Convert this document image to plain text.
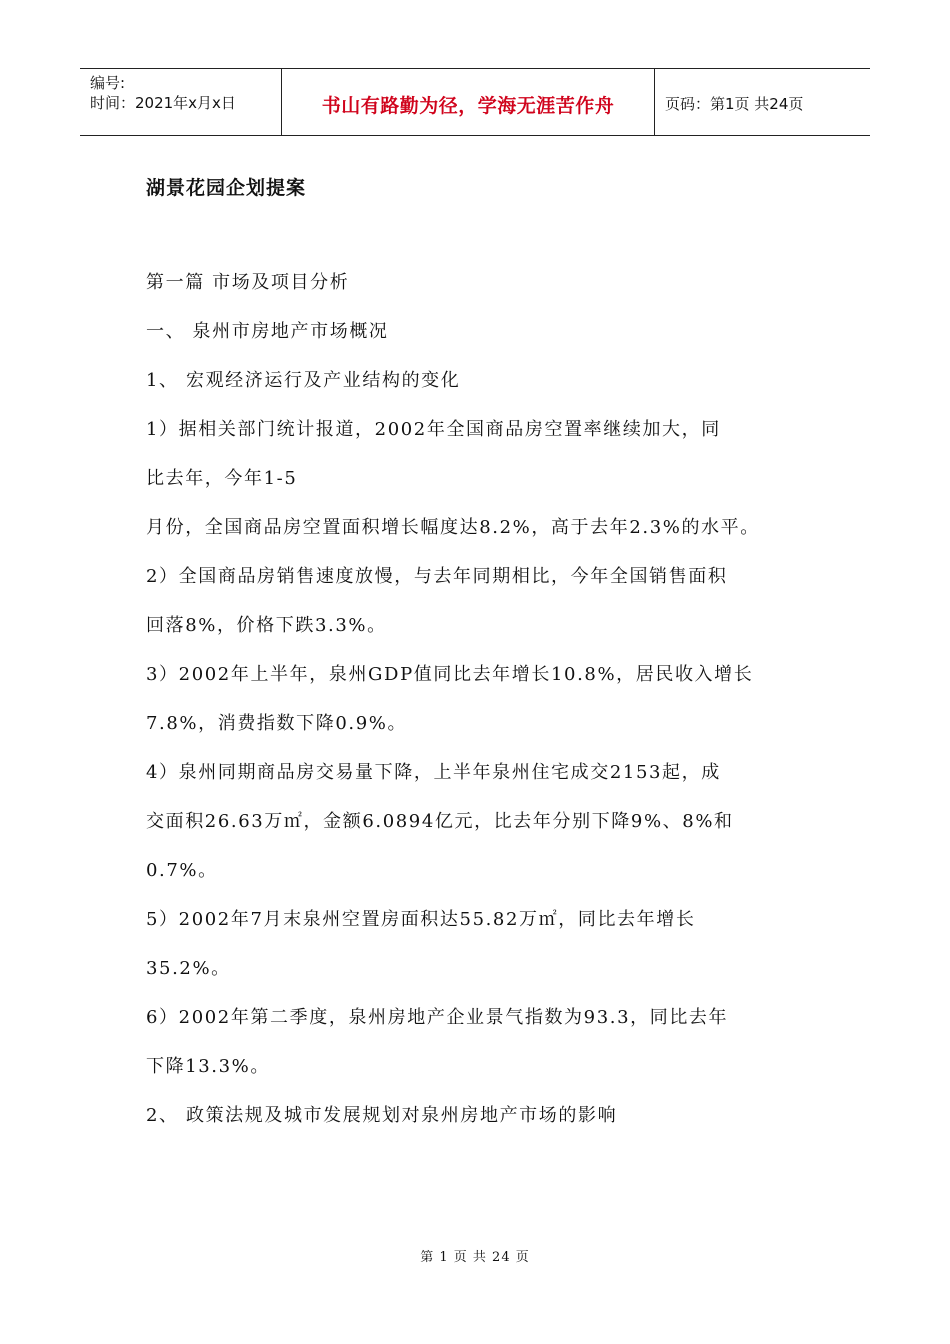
编号:
时间：2021年x月x日	书山有路勤为径，学海无涯苦作舟	页码：第1页 共24页
湖景花园企划提案
第一篇 市场及项目分析
一、 泉州市房地产市场概况
1、 宏观经济运行及产业结构的变化
1）据相关部门统计报道，2002年全国商品房空置率继续加大，同
比去年，今年1-5
月份，全国商品房空置面积增长幅度达8.2%，高于去年2.3%的水平。
2）全国商品房销售速度放慢，与去年同期相比，今年全国销售面积
回落8%，价格下跌3.3%。
3）2002年上半年，泉州GDP值同比去年增长10.8%，居民收入增长
7.8%，消费指数下降0.9%。
4）泉州同期商品房交易量下降，上半年泉州住宅成交2153起，成
交面积26.63万㎡，金额6.0894亿元，比去年分别下降9%、8%和
0.7%。
5）2002年7月末泉州空置房面积达55.82万㎡，同比去年增长
35.2%。
6）2002年第二季度，泉州房地产企业景气指数为93.3，同比去年
下降13.3%。
2、 政策法规及城市发展规划对泉州房地产市场的影响
第 1 页 共 24 页
